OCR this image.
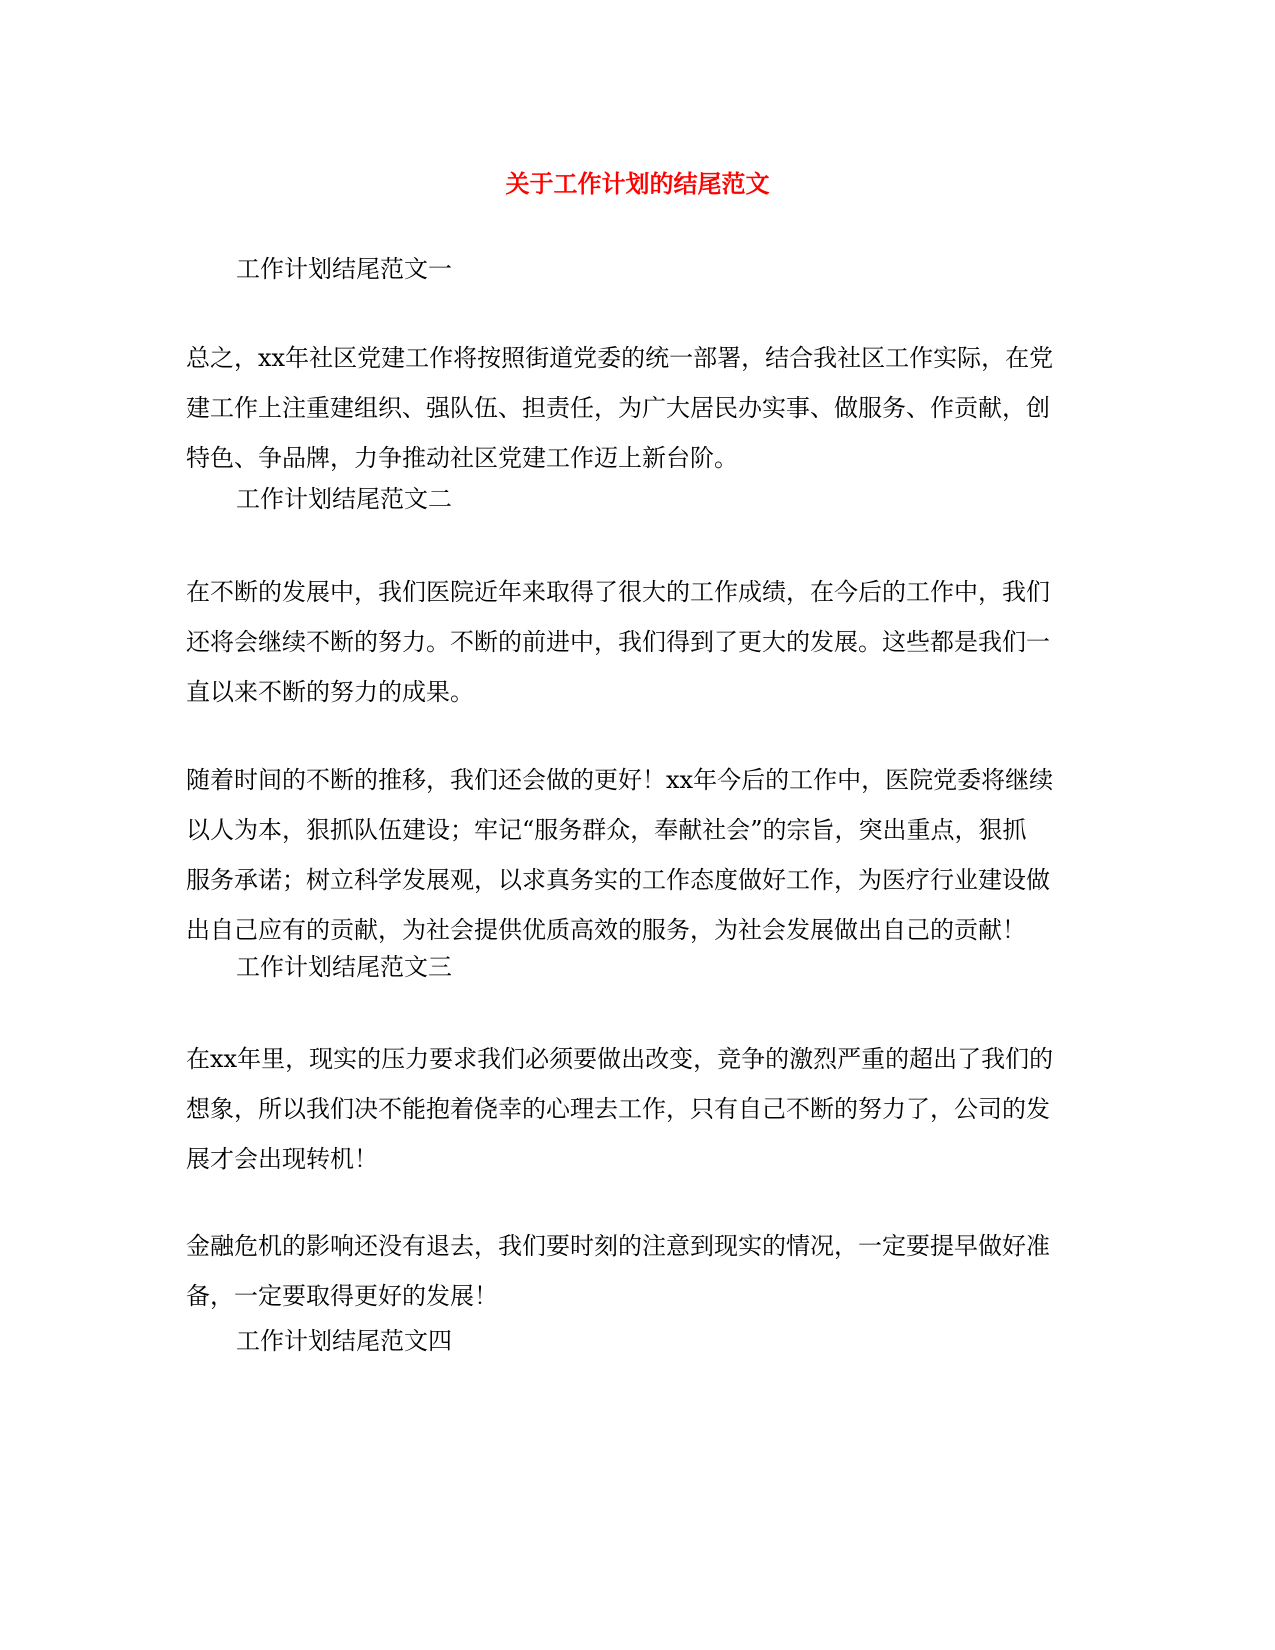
关于工作计划的结尾范文
工作计划结尾范文一
总之，xx年社区党建工作将按照街道党委的统一部署，结合我社区工作实际，在党
建工作上注重建组织、强队伍、担责任，为广大居民办实事、做服务、作贡献，创
特色、争品牌，力争推动社区党建工作迈上新台阶。
工作计划结尾范文二
在不断的发展中，我们医院近年来取得了很大的工作成绩，在今后的工作中，我们
还将会继续不断的努力。不断的前进中，我们得到了更大的发展。这些都是我们一
直以来不断的努力的成果。
随着时间的不断的推移，我们还会做的更好！xx年今后的工作中，医院党委将继续
以人为本，狠抓队伍建设；牢记“服务群众，奉献社会”的宗旨，突出重点，狠抓
服务承诺；树立科学发展观，以求真务实的工作态度做好工作，为医疗行业建设做
出自己应有的贡献，为社会提供优质高效的服务，为社会发展做出自己的贡献！
工作计划结尾范文三
在xx年里，现实的压力要求我们必须要做出改变，竞争的激烈严重的超出了我们的
想象，所以我们决不能抱着侥幸的心理去工作，只有自己不断的努力了，公司的发
展才会出现转机！
金融危机的影响还没有退去，我们要时刻的注意到现实的情况，一定要提早做好准
备，一定要取得更好的发展！
工作计划结尾范文四
